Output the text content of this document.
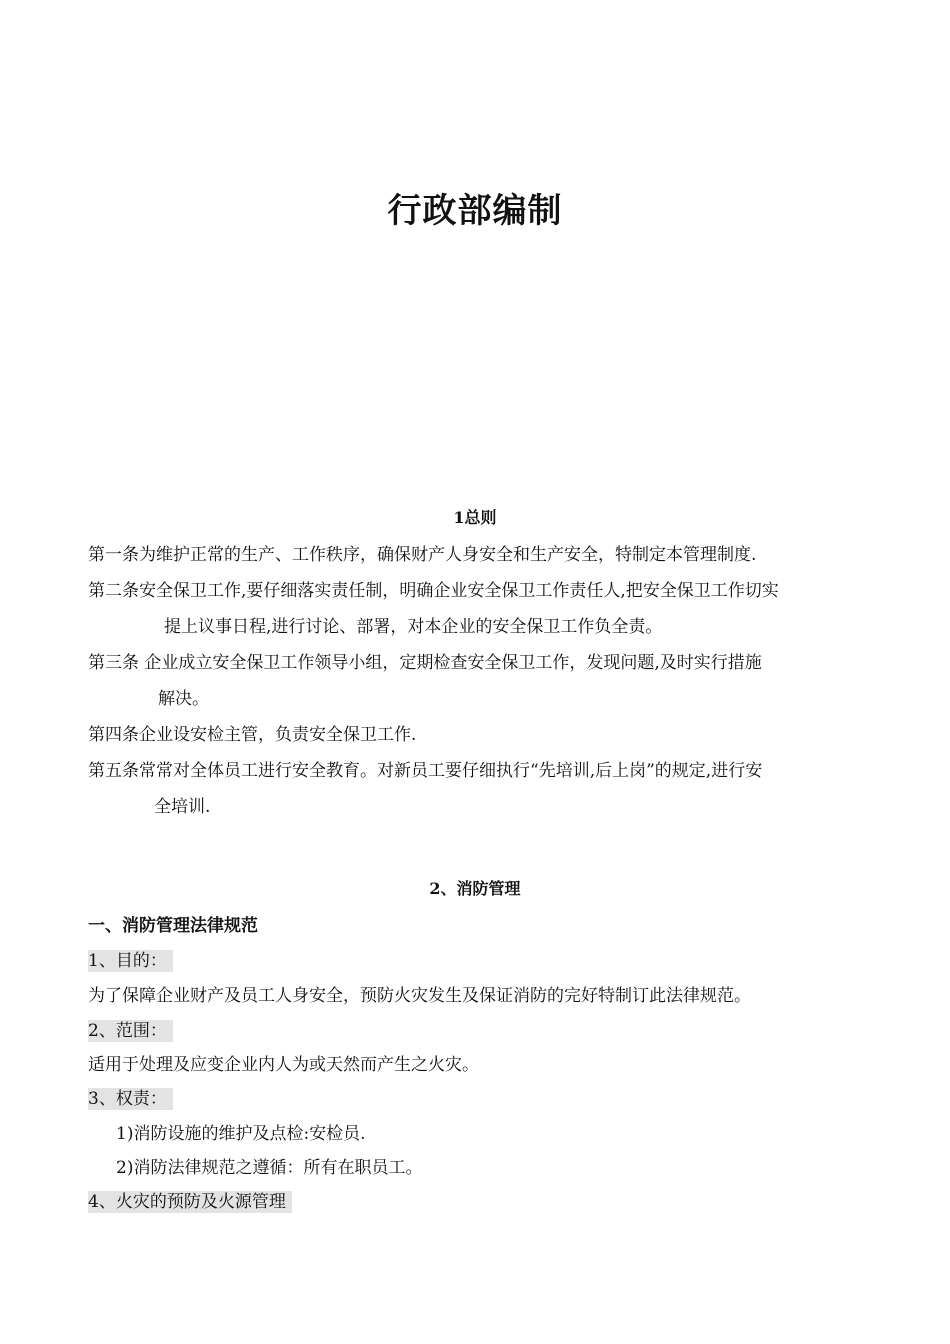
行政部编制
1总则
第一条为维护正常的生产、工作秩序，确保财产人身安全和生产安全，特制定本管理制度.
第二条安全保卫工作,要仔细落实责任制，明确企业安全保卫工作责任人,把安全保卫工作切实
提上议事日程,进行讨论、部署，对本企业的安全保卫工作负全责。
第三条 企业成立安全保卫工作领导小组，定期检查安全保卫工作，发现问题,及时实行措施
解决。
第四条企业设安检主管，负责安全保卫工作.
第五条常常对全体员工进行安全教育。对新员工要仔细执行“先培训,后上岗”的规定,进行安
全培训.
2、消防管理
一、消防管理法律规范
1、目的：
为了保障企业财产及员工人身安全，预防火灾发生及保证消防的完好特制订此法律规范。
2、范围：
适用于处理及应变企业内人为或天然而产生之火灾。
3、权责：
1)消防设施的维护及点检:安检员.
2)消防法律规范之遵循：所有在职员工。
4、火灾的预防及火源管理
